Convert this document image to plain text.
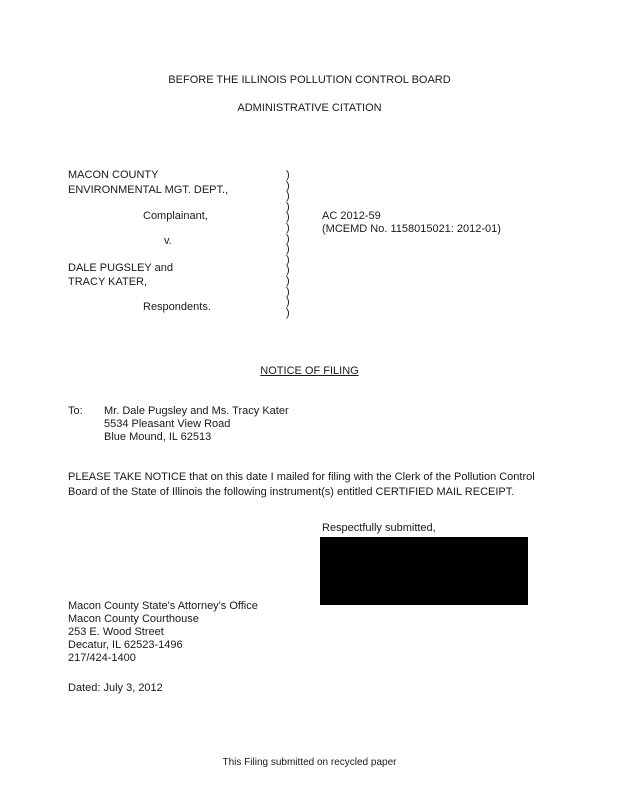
BEFORE THE ILLINOIS POLLUTION CONTROL BOARD
ADMINISTRATIVE CITATION
MACON COUNTY
ENVIRONMENTAL MGT. DEPT.,
Complainant,
v.
DALE PUGSLEY and
TRACY KATER,
Respondents.
)
)
)
)
)
)
)
)
)
)
)
)
)
)
AC 2012-59
(MCEMD No. 1158015021: 2012-01)
NOTICE OF FILING
To: Mr. Dale Pugsley and Ms. Tracy Kater
5534 Pleasant View Road
Blue Mound, IL 62513
PLEASE TAKE NOTICE that on this date I mailed for filing with the Clerk of the Pollution Control
Board of the State of Illinois the following instrument(s) entitled CERTIFIED MAIL RECEIPT.
Respectfully submitted,
Macon County State's Attorney's Office
Macon County Courthouse
253 E. Wood Street
Decatur, IL 62523-1496
217/424-1400
Dated: July 3, 2012
This Filing submitted on recycled paper
